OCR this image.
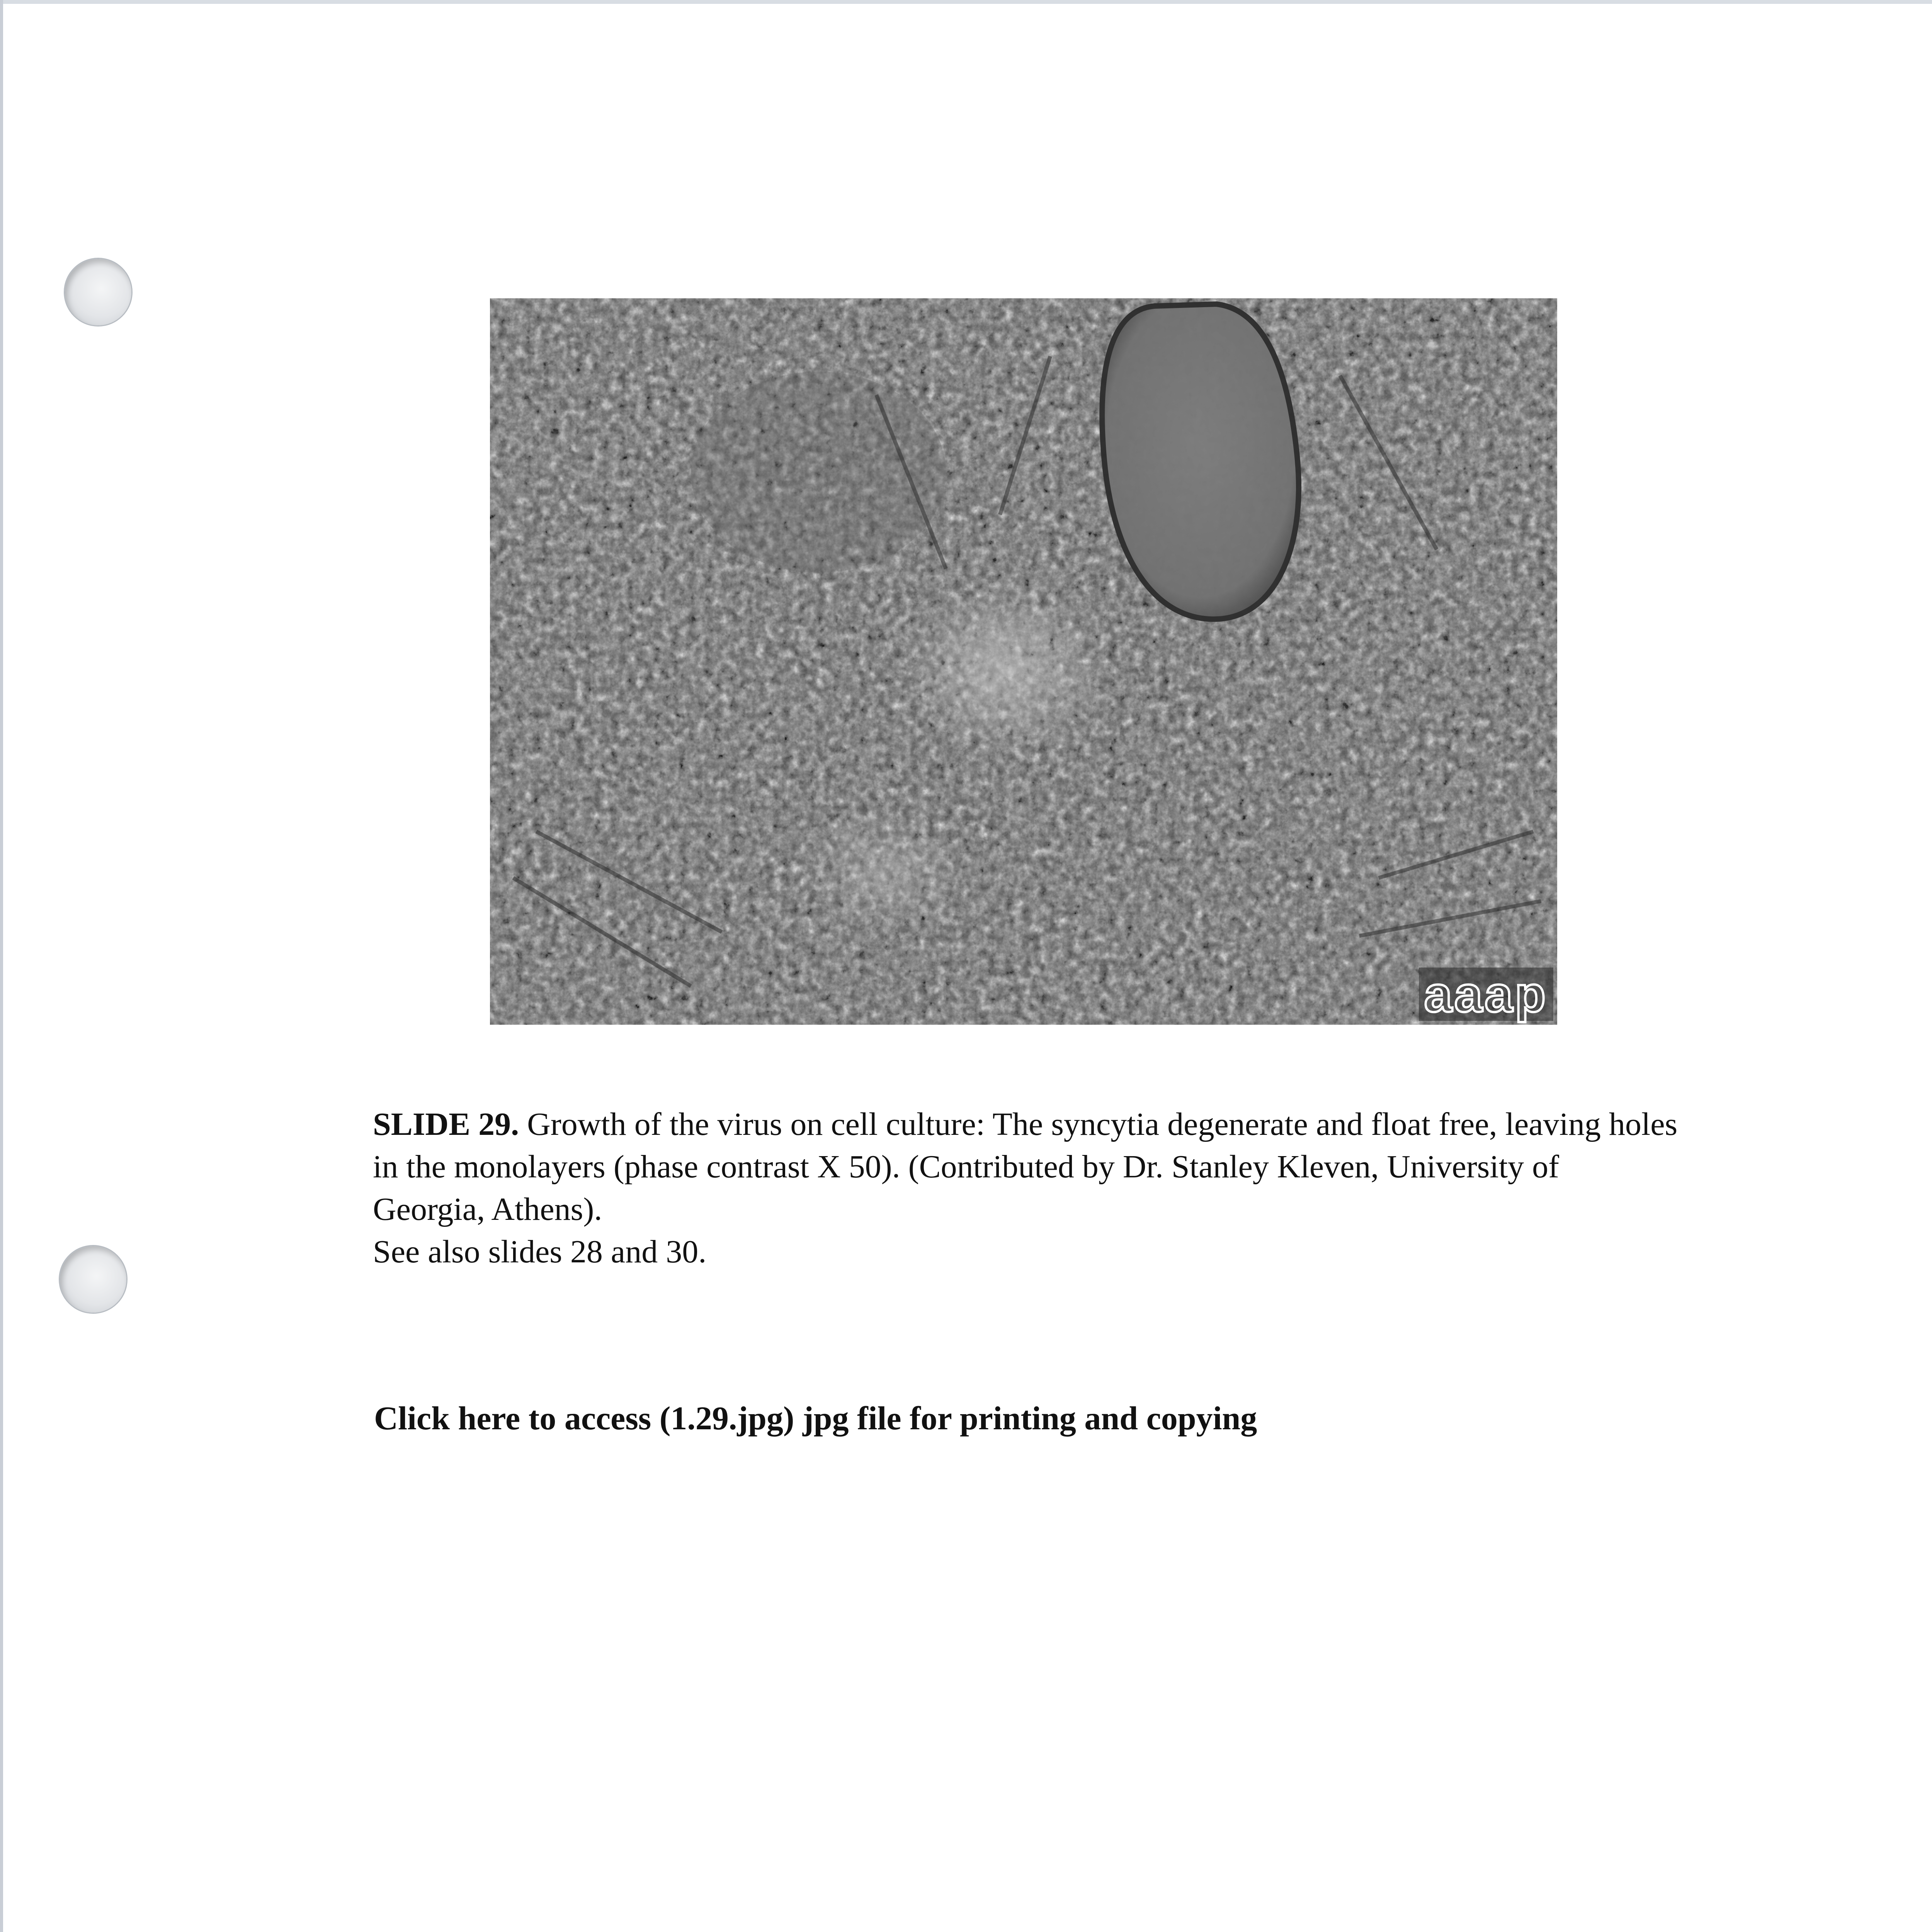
aaap

SLIDE 29. Growth of the virus on cell culture: The syncytia degenerate and float free, leaving holes in the monolayers (phase contrast X 50). (Contributed by Dr. Stanley Kleven, University of Georgia, Athens).

See also slides 28 and 30.

Click here to access (1.29.jpg) jpg file for printing and copying
